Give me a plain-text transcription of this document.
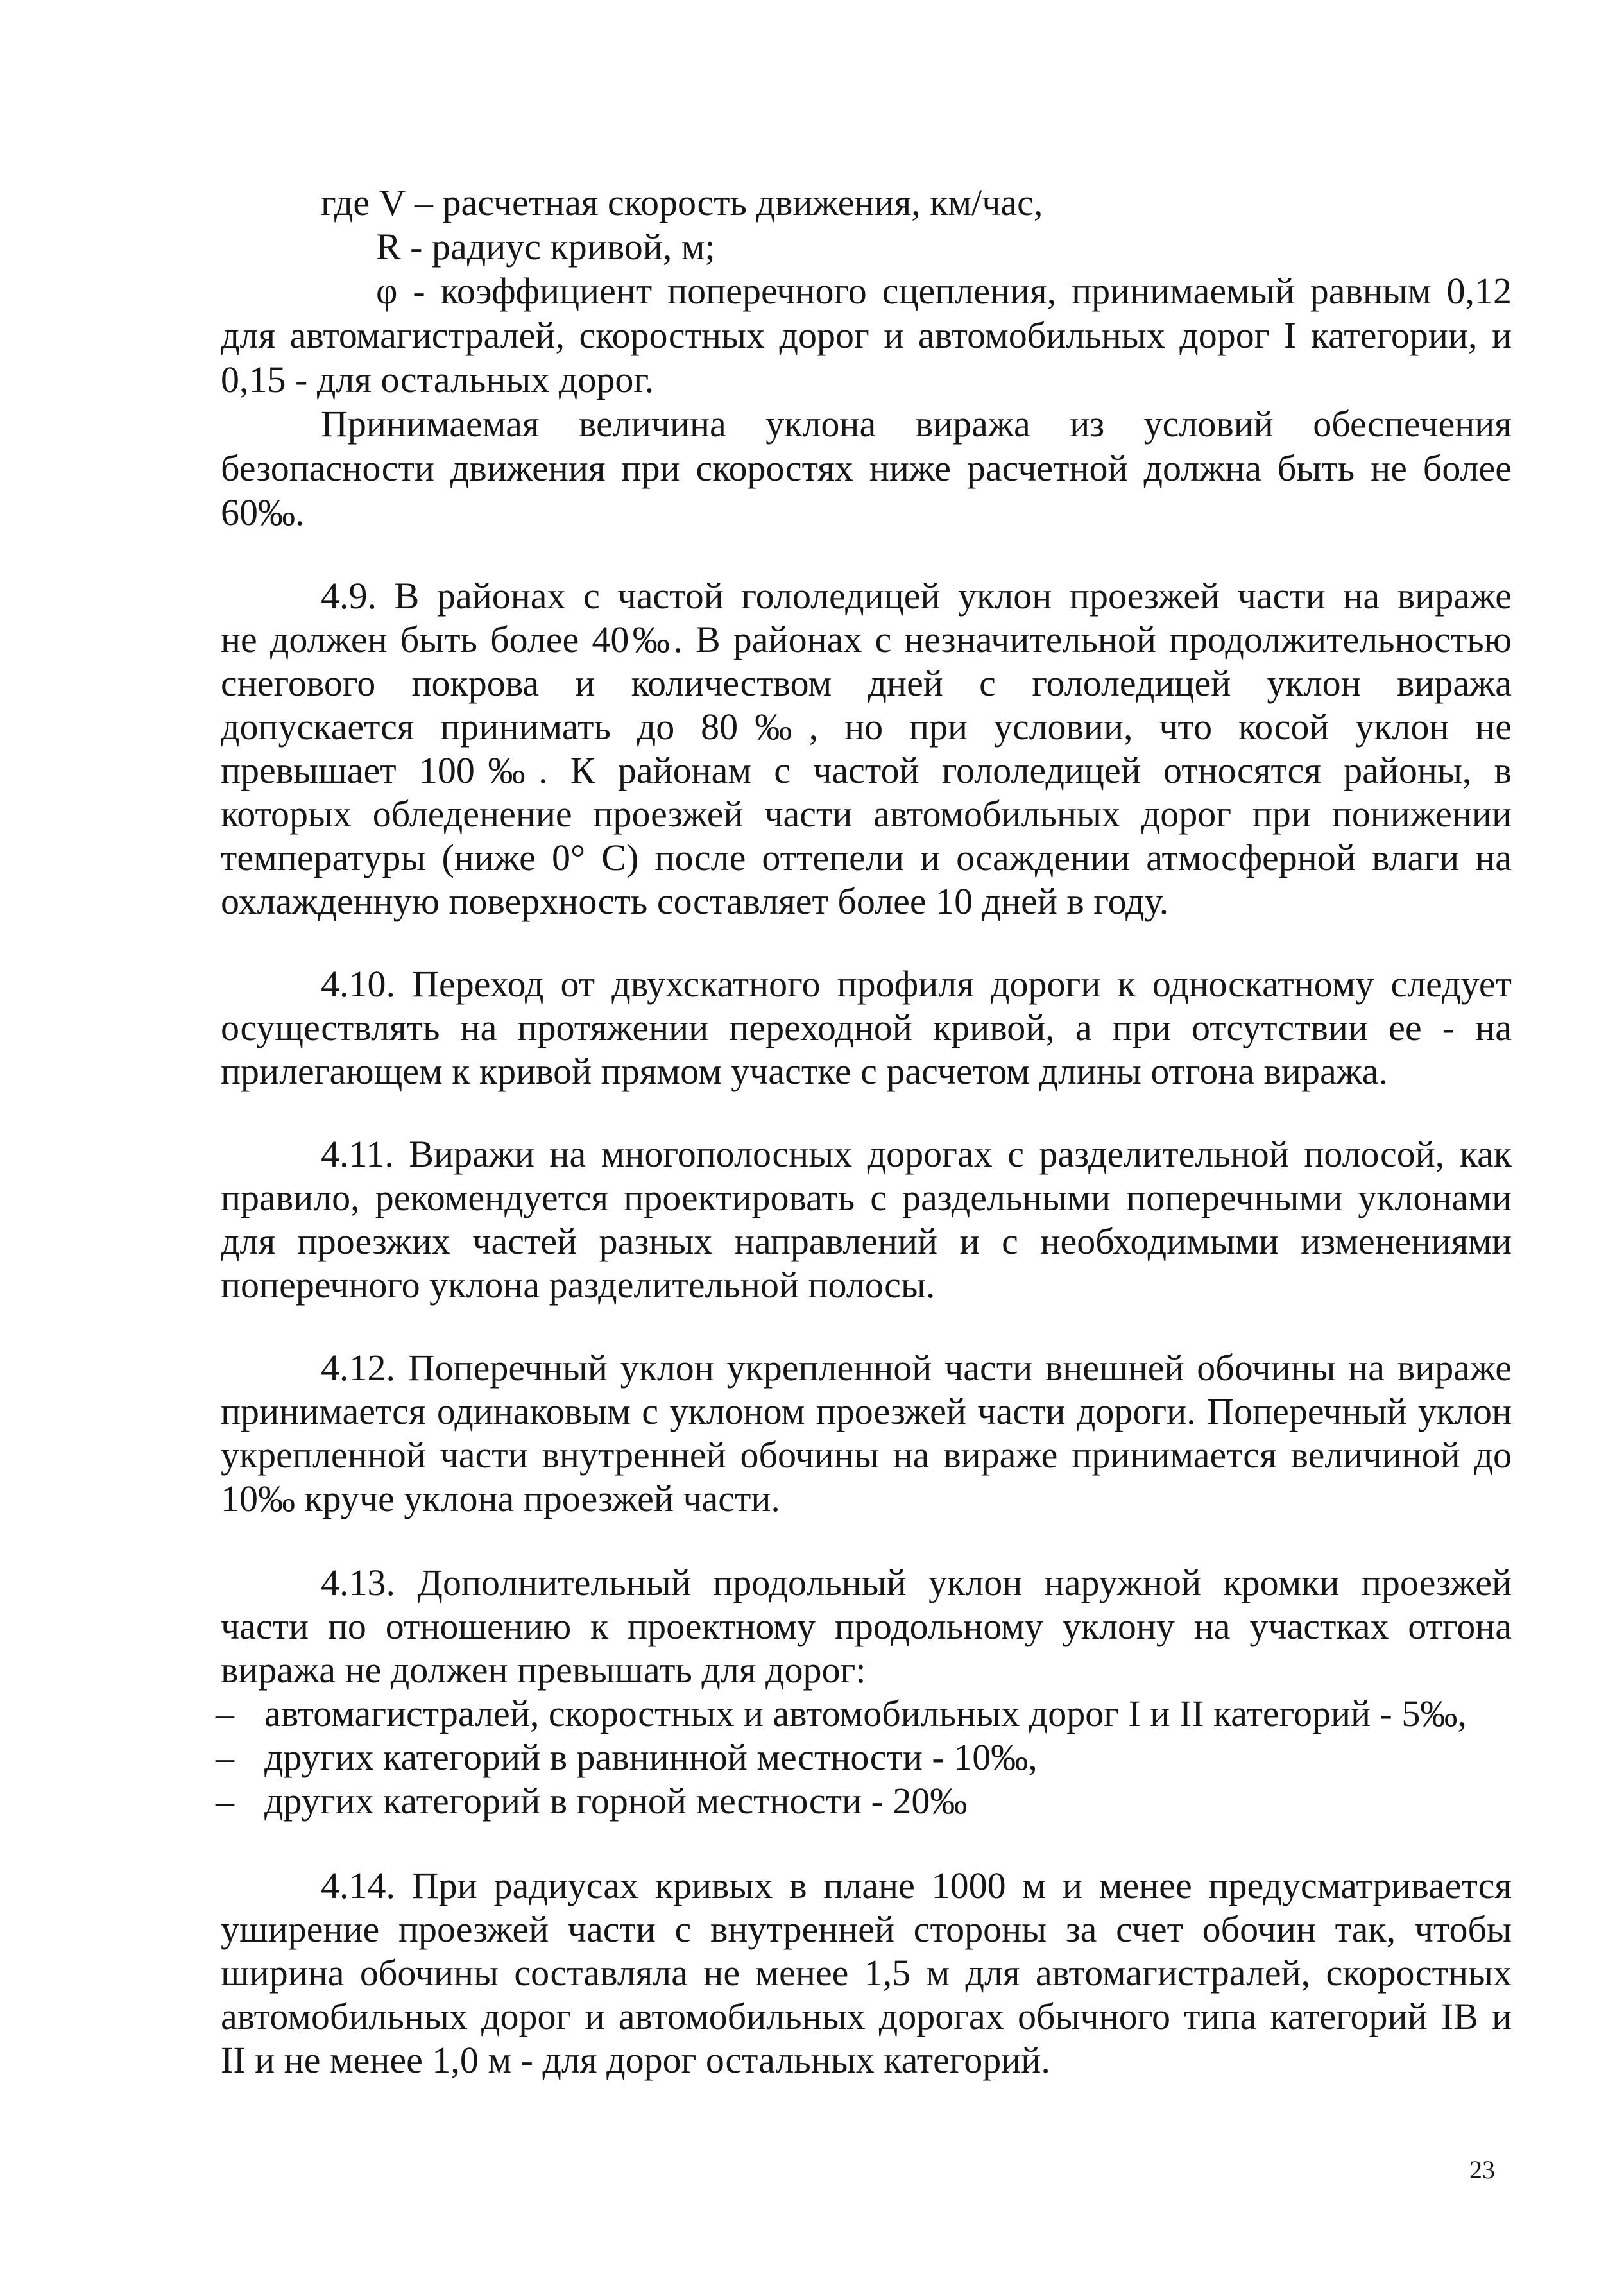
где V – расчетная скорость движения, км/час,
R - радиус кривой, м;
φ - коэффициент поперечного сцепления, принимаемый равным 0,12
для автомагистралей, скоростных дорог и автомобильных дорог I категории, и
0,15 - для остальных дорог.
Принимаемая величина уклона виража из условий обеспечения
безопасности движения при скоростях ниже расчетной должна быть не более
60‰.
4.9. В районах с частой гололедицей уклон проезжей части на вираже
не должен быть более 40‰. В районах с незначительной продолжительностью
снегового покрова и количеством дней с гололедицей уклон виража
допускается принимать до 80‰, но при условии, что косой уклон не
превышает 100‰. К районам с частой гололедицей относятся районы, в
которых обледенение проезжей части автомобильных дорог при понижении
температуры (ниже 0° С) после оттепели и осаждении атмосферной влаги на
охлажденную поверхность составляет более 10 дней в году.
4.10. Переход от двухскатного профиля дороги к односкатному следует
осуществлять на протяжении переходной кривой, а при отсутствии ее - на
прилегающем к кривой прямом участке с расчетом длины отгона виража.
4.11. Виражи на многополосных дорогах с разделительной полосой, как
правило, рекомендуется проектировать с раздельными поперечными уклонами
для проезжих частей разных направлений и с необходимыми изменениями
поперечного уклона разделительной полосы.
4.12. Поперечный уклон укрепленной части внешней обочины на вираже
принимается одинаковым с уклоном проезжей части дороги. Поперечный уклон
укрепленной части внутренней обочины на вираже принимается величиной до
10‰ круче уклона проезжей части.
4.13. Дополнительный продольный уклон наружной кромки проезжей
части по отношению к проектному продольному уклону на участках отгона
виража не должен превышать для дорог:
– автомагистралей, скоростных и автомобильных дорог I и II категорий - 5‰,
– других категорий в равнинной местности - 10‰,
– других категорий в горной местности - 20‰
4.14. При радиусах кривых в плане 1000 м и менее предусматривается
уширение проезжей части с внутренней стороны за счет обочин так, чтобы
ширина обочины составляла не менее 1,5 м для автомагистралей, скоростных
автомобильных дорог и автомобильных дорогах обычного типа категорий IВ и
II и не менее 1,0 м - для дорог остальных категорий.
23
